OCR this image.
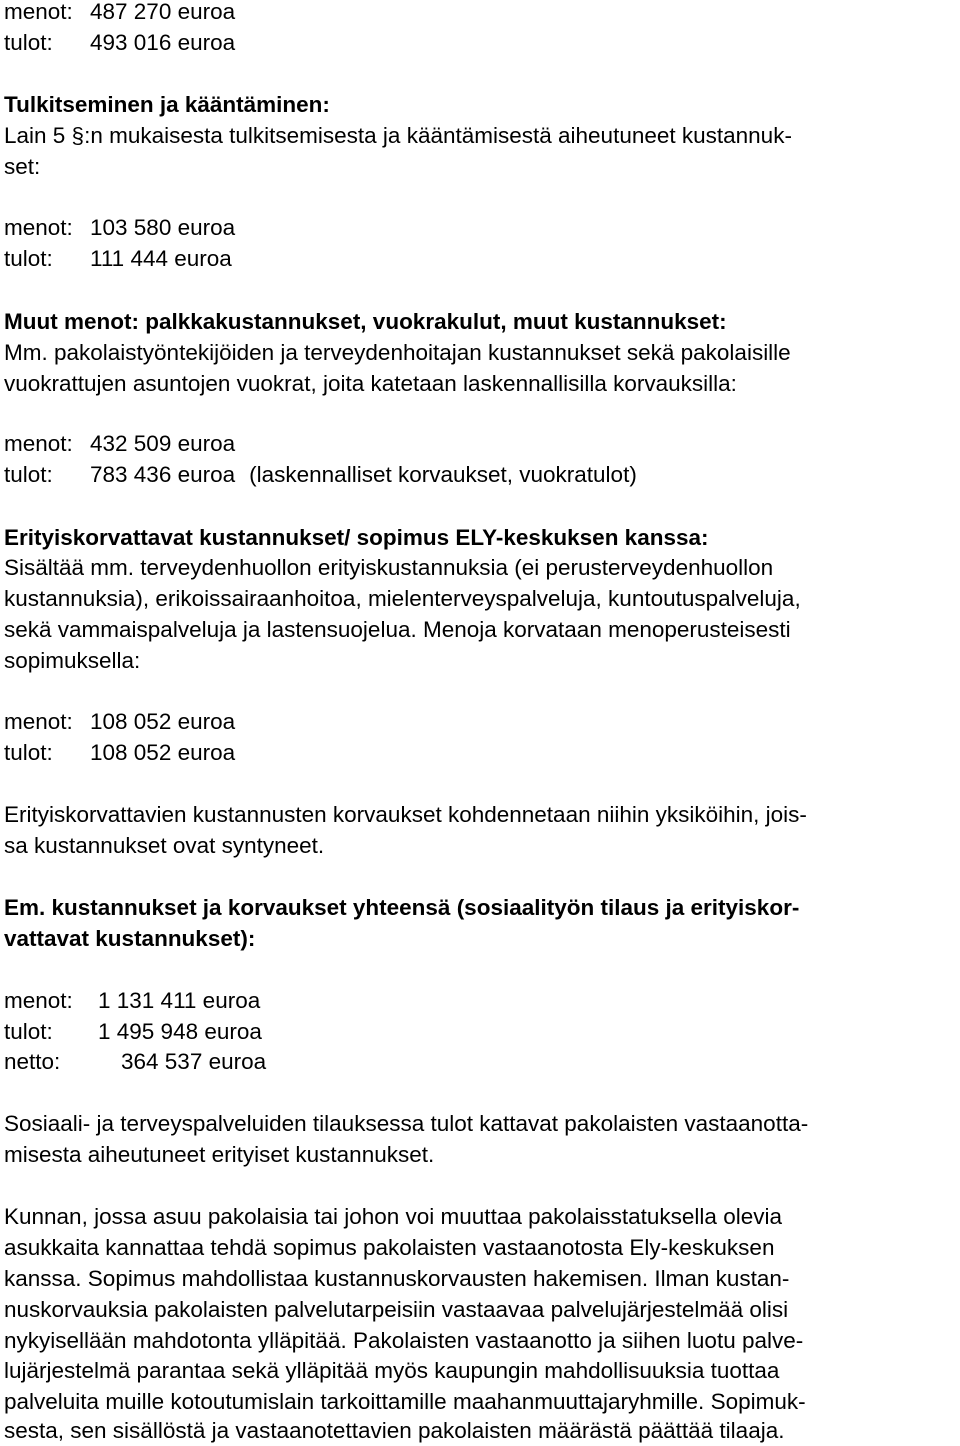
menot: 487 270 euroa
tulot: 493 016 euroa
Tulkitseminen ja kääntäminen:
Lain 5 §:n mukaisesta tulkitsemisesta ja kääntämisestä aiheutuneet kustannuk-
set:
menot: 103 580 euroa
tulot: 111 444 euroa
Muut menot: palkkakustannukset, vuokrakulut, muut kustannukset:
Mm. pakolaistyöntekijöiden ja terveydenhoitajan kustannukset sekä pakolaisille
vuokrattujen asuntojen vuokrat, joita katetaan laskennallisilla korvauksilla:
menot: 432 509 euroa
tulot: 783 436 euroa (laskennalliset korvaukset, vuokratulot)
Erityiskorvattavat kustannukset/ sopimus ELY-keskuksen kanssa:
Sisältää mm. terveydenhuollon erityiskustannuksia (ei perusterveydenhuollon
kustannuksia), erikoissairaanhoitoa, mielenterveyspalveluja, kuntoutuspalveluja,
sekä vammaispalveluja ja lastensuojelua. Menoja korvataan menoperusteisesti
sopimuksella:
menot: 108 052 euroa
tulot: 108 052 euroa
Erityiskorvattavien kustannusten korvaukset kohdennetaan niihin yksiköihin, jois-
sa kustannukset ovat syntyneet.
Em. kustannukset ja korvaukset yhteensä (sosiaalityön tilaus ja erityiskor-
vattavat kustannukset):
menot: 1 131 411 euroa
tulot: 1 495 948 euroa
netto:	364 537 euroa
Sosiaali- ja terveyspalveluiden tilauksessa tulot kattavat pakolaisten vastaanotta-
misesta aiheutuneet erityiset kustannukset.
Kunnan, jossa asuu pakolaisia tai johon voi muuttaa pakolaisstatuksella olevia
asukkaita kannattaa tehdä sopimus pakolaisten vastaanotosta Ely-keskuksen
kanssa. Sopimus mahdollistaa kustannuskorvausten hakemisen. Ilman kustan-
nuskorvauksia pakolaisten palvelutarpeisiin vastaavaa palvelujärjestelmää olisi
nykyisellään mahdotonta ylläpitää. Pakolaisten vastaanotto ja siihen luotu palve-
lujärjestelmä parantaa sekä ylläpitää myös kaupungin mahdollisuuksia tuottaa
palveluita muille kotoutumislain tarkoittamille maahanmuuttajaryhmille. Sopimuk-
sesta, sen sisällöstä ja vastaanotettavien pakolaisten määrästä päättää tilaaja.
